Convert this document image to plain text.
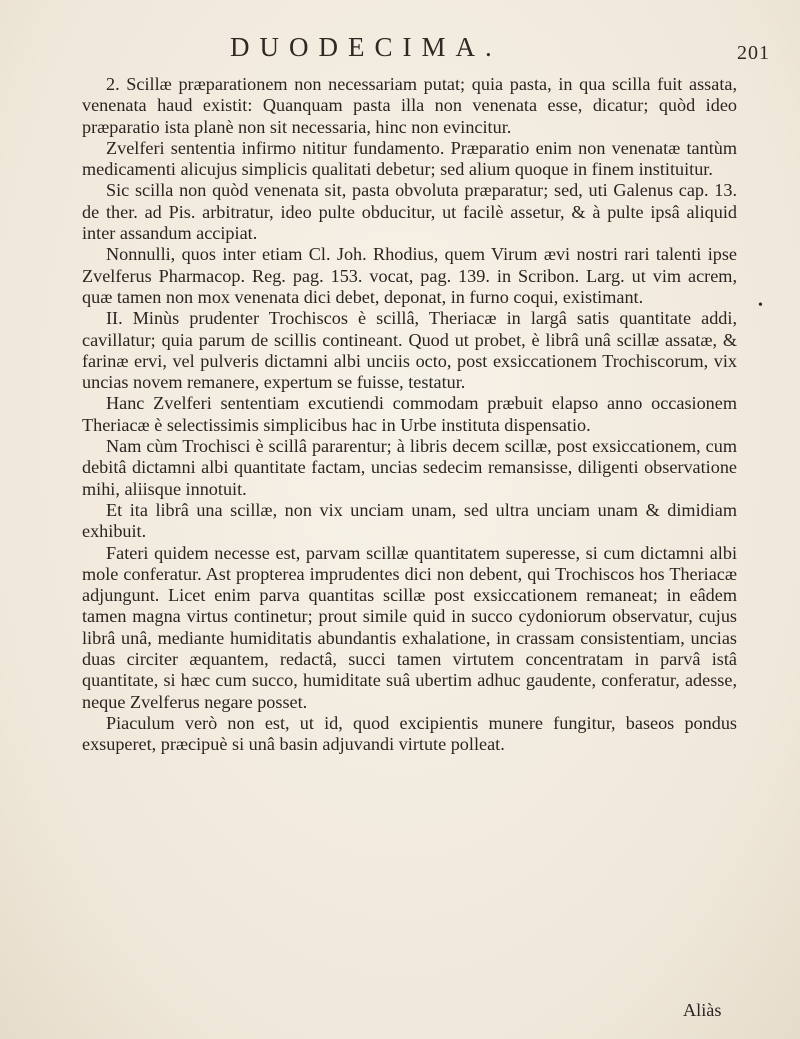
DUODECIMA.	201

2. Scillæ præparationem non necessariam putat; quia pasta, in qua scilla fuit assata, venenata haud existit: Quanquam pasta illa non venenata esse, dicatur; quòd ideo præparatio ista planè non sit necessaria, hinc non evincitur.

Zvelferi sententia infirmo nititur fundamento. Præparatio enim non venenatæ tantùm medicamenti alicujus simplicis qualitati debetur; sed alium quoque in finem instituitur.

Sic scilla non quòd venenata sit, pasta obvoluta præparatur; sed, uti Galenus cap. 13. de ther. ad Pis. arbitratur, ideo pulte obducitur, ut facilè assetur, & à pulte ipsâ aliquid inter assandum accipiat.

Nonnulli, quos inter etiam Cl. Joh. Rhodius, quem Virum ævi nostri rari talenti ipse Zvelferus Pharmacop. Reg. pag. 153. vocat, pag. 139. in Scribon. Larg. ut vim acrem, quæ tamen non mox venenata dici debet, deponat, in furno coqui, existimant.

II. Minùs prudenter Trochiscos è scillâ, Theriacæ in largâ satis quantitate addi, cavillatur; quia parum de scillis contineant. Quod ut probet, è librâ unâ scillæ assatæ, & farinæ ervi, vel pulveris dictamni albi unciis octo, post exsiccationem Trochiscorum, vix uncias novem remanere, expertum se fuisse, testatur.

Hanc Zvelferi sententiam excutiendi commodam præbuit elapso anno occasionem Theriacæ è selectissimis simplicibus hac in Urbe instituta dispensatio.

Nam cùm Trochisci è scillâ pararentur; à libris decem scillæ, post exsiccationem, cum debitâ dictamni albi quantitate factam, uncias sedecim remansisse, diligenti observatione mihi, aliisque innotuit.

Et ita librâ una scillæ, non vix unciam unam, sed ultra unciam unam & dimidiam exhibuit.

Fateri quidem necesse est, parvam scillæ quantitatem superesse, si cum dictamni albi mole conferatur. Ast propterea imprudentes dici non debent, qui Trochiscos hos Theriacæ adjungunt. Licet enim parva quantitas scillæ post exsiccationem remaneat; in eâdem tamen magna virtus continetur; prout simile quid in succo cydoniorum observatur, cujus librâ unâ, mediante humiditatis abundantis exhalatione, in crassam consistentiam, uncias duas circiter æquantem, redactâ, succi tamen virtutem concentratam in parvâ istâ quantitate, si hæc cum succo, humiditate suâ ubertim adhuc gaudente, conferatur, adesse, neque Zvelferus negare posset.

Piaculum verò non est, ut id, quod excipientis munere fungitur, baseos pondus exsuperet, præcipuè si unâ basin adjuvandi virtute polleat.

•
Aliàs
